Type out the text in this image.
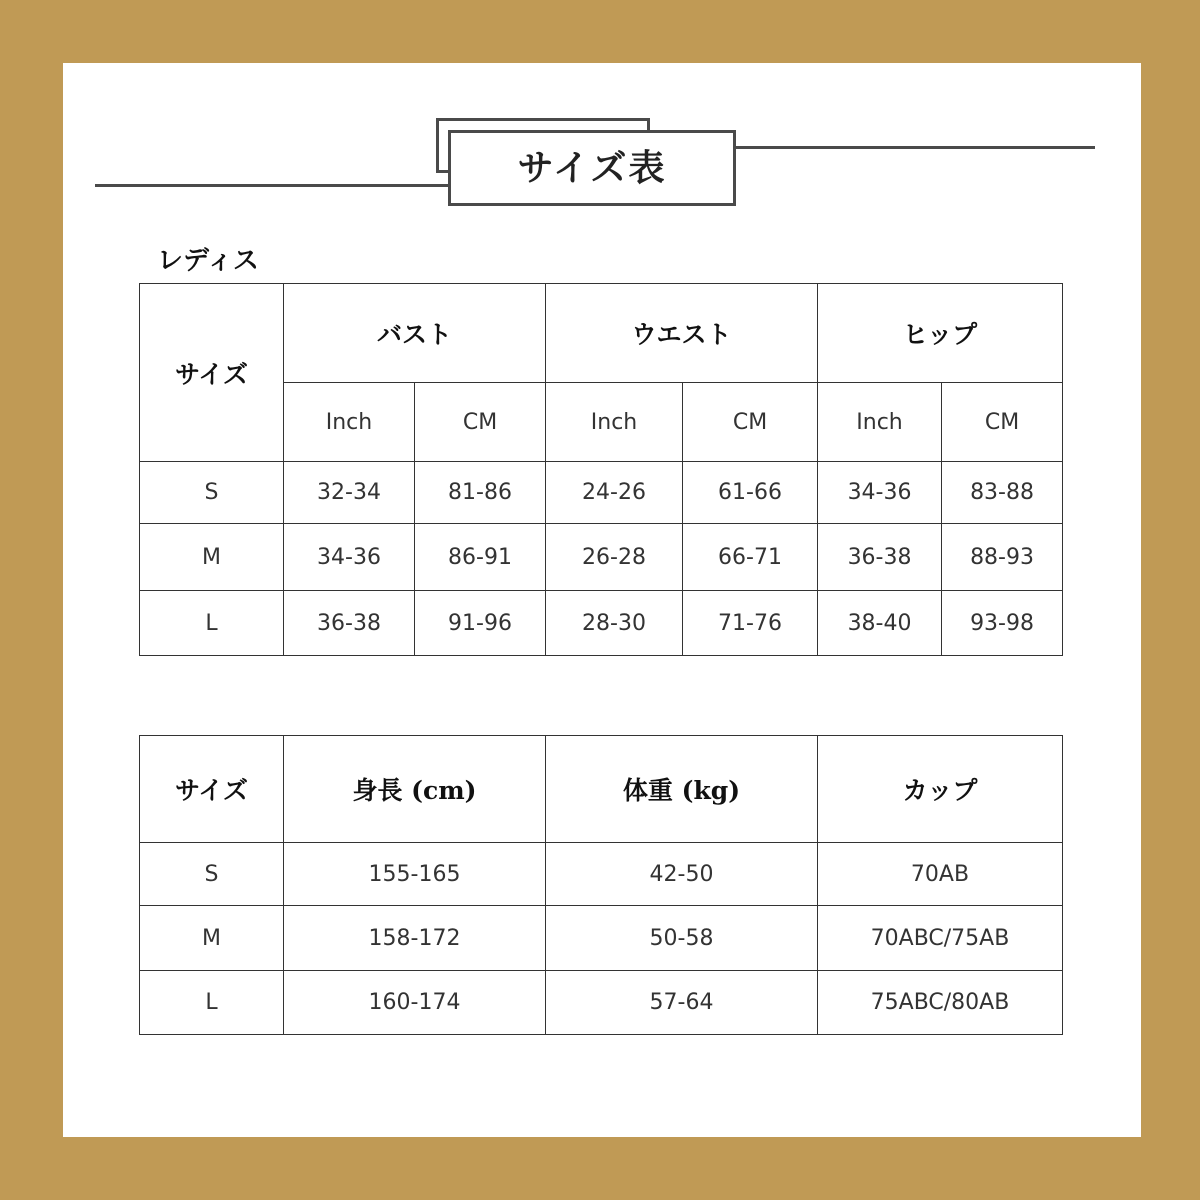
サイズ表
レディス
サイズ	バスト		ウエスト		ヒップ	
	Inch	CM	Inch	CM	Inch	CM
S	32-34	81-86	24-26	61-66	34-36	83-88
M	34-36	86-91	26-28	66-71	36-38	88-93
L	36-38	91-96	28-30	71-76	38-40	93-98
サイズ	身長 (cm)	体重 (kg)	カップ
S	155-165	42-50	70AB
M	158-172	50-58	70ABC/75AB
L	160-174	57-64	75ABC/80AB
